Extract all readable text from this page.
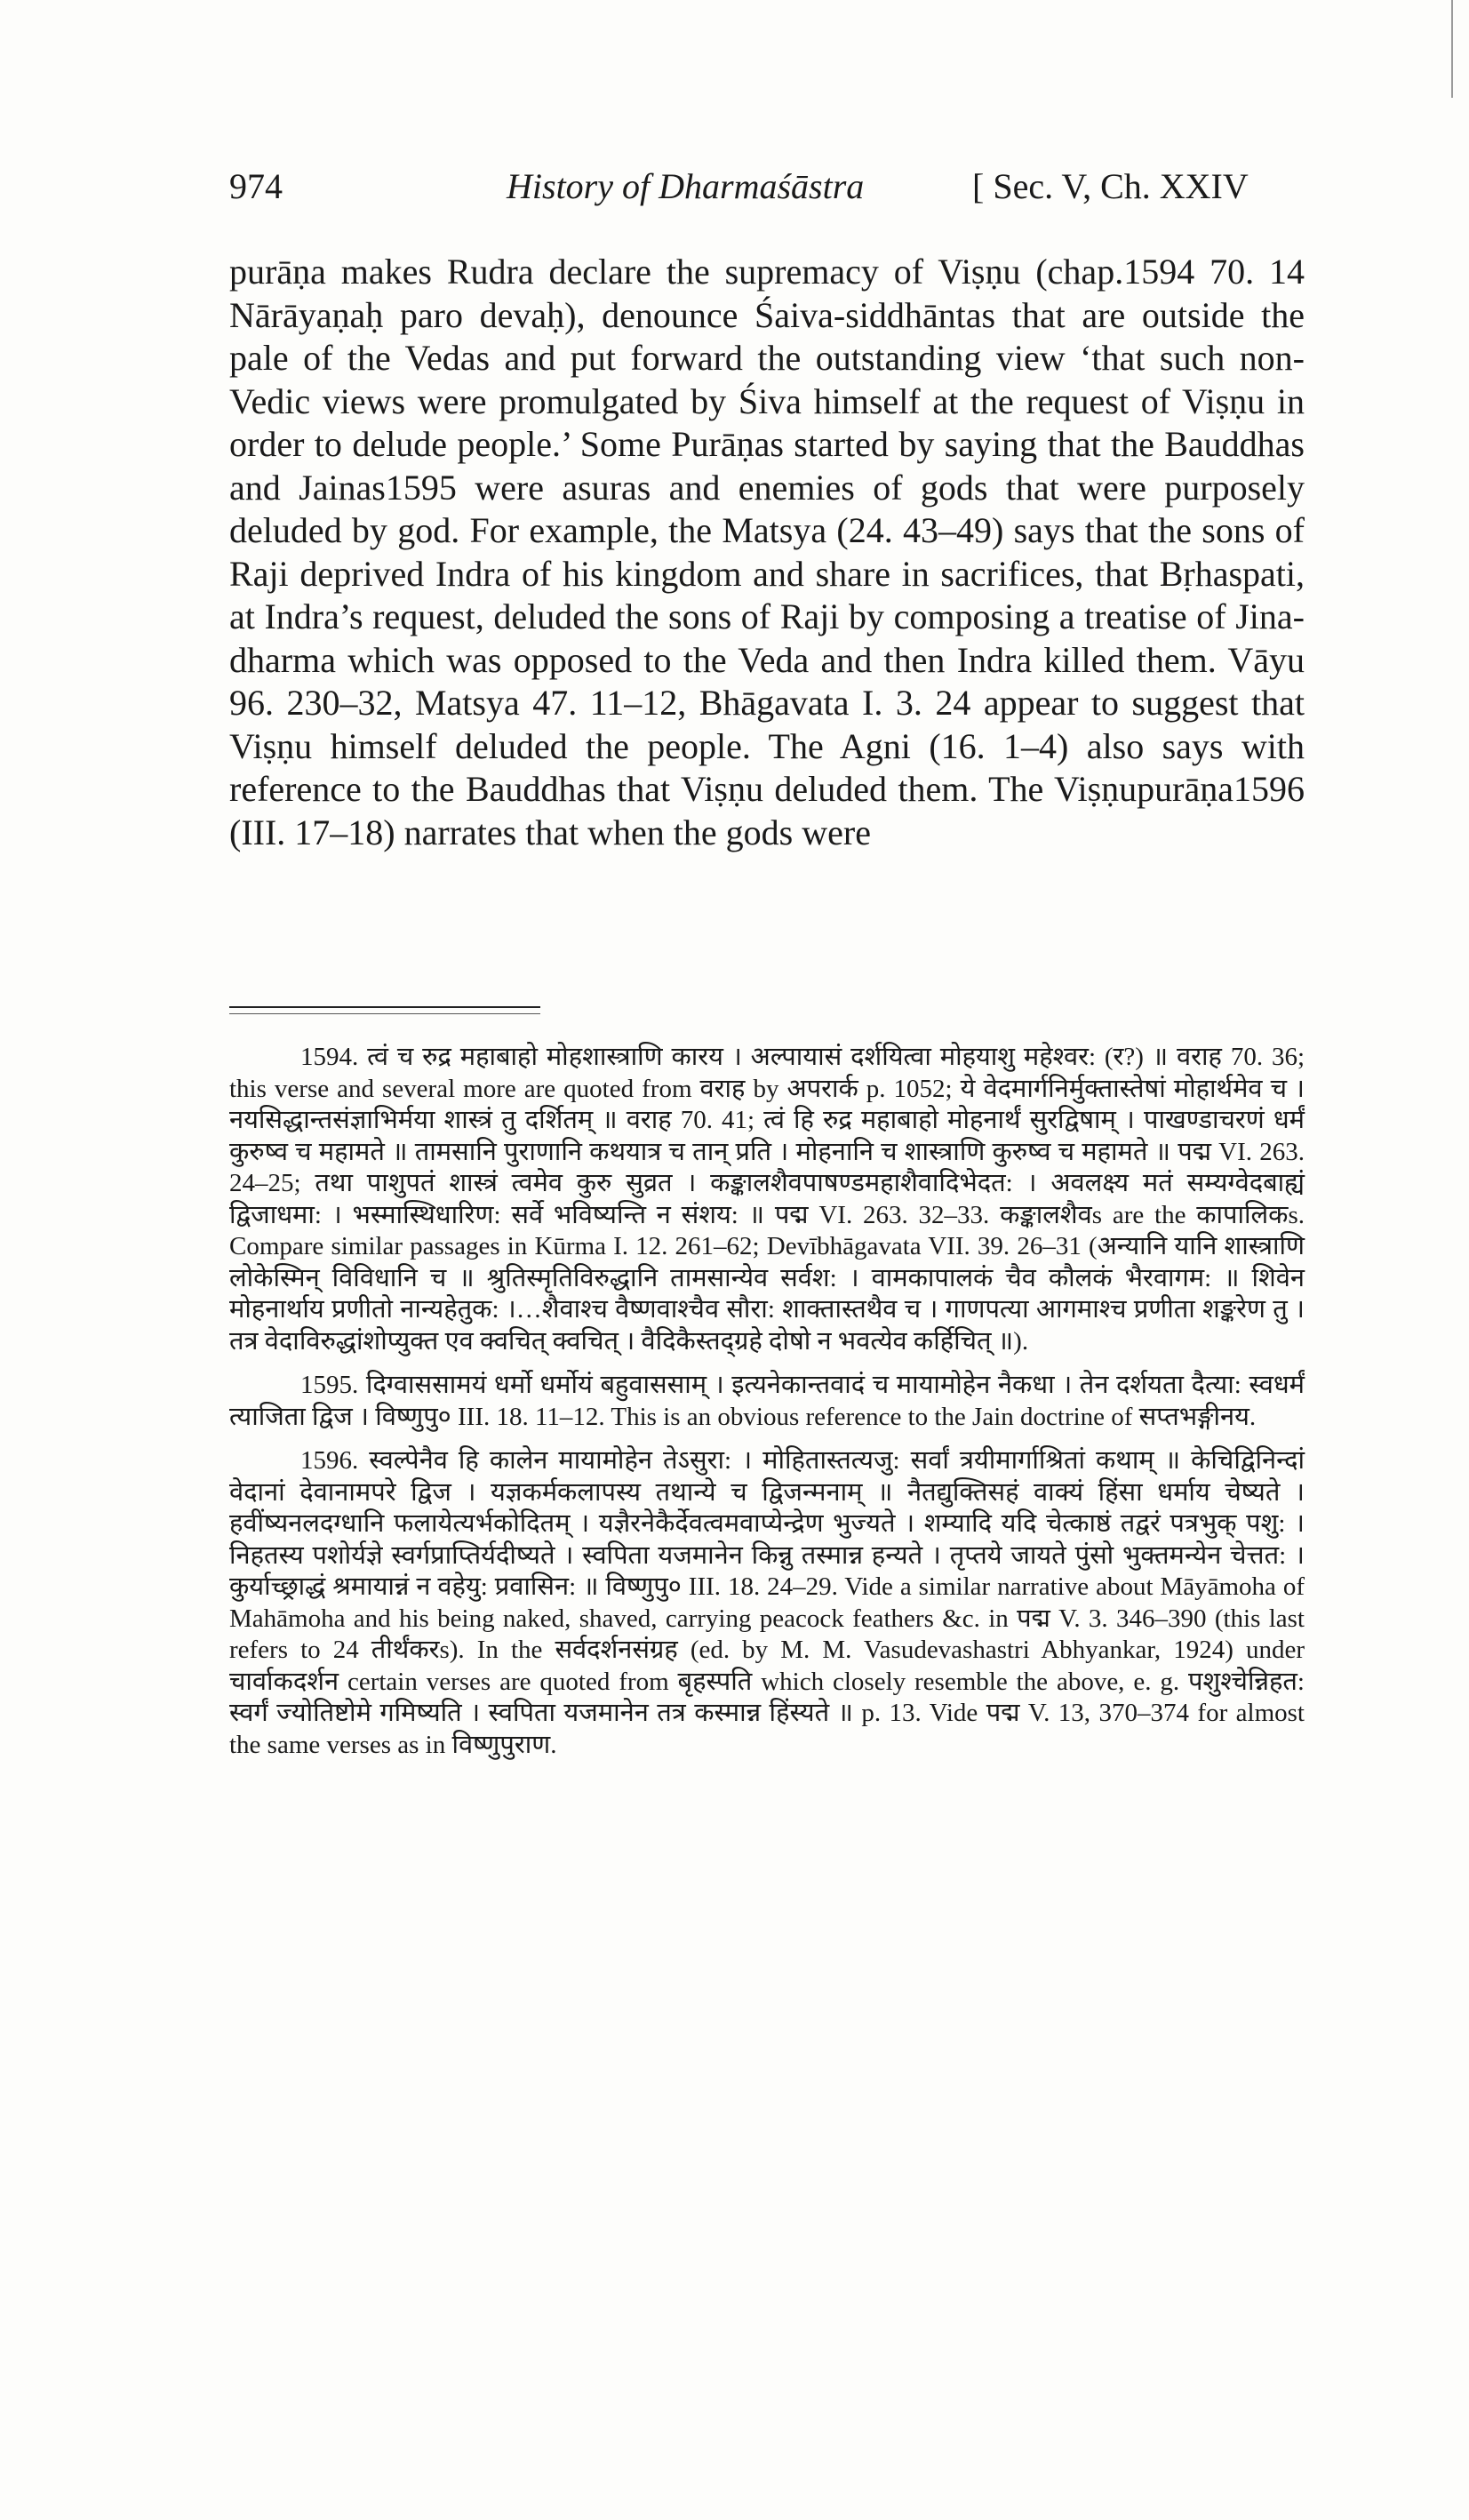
974	History of Dharmaśāstra	[ Sec. V, Ch. XXIV

purāṇa makes Rudra declare the supremacy of Viṣṇu (chap.1594 70. 14 Nārāyaṇaḥ paro devaḥ), denounce Śaiva-siddhāntas that are outside the pale of the Vedas and put forward the outstanding view ‘that such non-Vedic views were promulgated by Śiva himself at the request of Viṣṇu in order to delude people.’ Some Purāṇas started by saying that the Bauddhas and Jainas1595 were asuras and enemies of gods that were purposely deluded by god. For example, the Matsya (24. 43–49) says that the sons of Raji deprived Indra of his kingdom and share in sacrifices, that Bṛhaspati, at Indra’s request, deluded the sons of Raji by composing a treatise of Jina-dharma which was opposed to the Veda and then Indra killed them. Vāyu 96. 230–32, Matsya 47. 11–12, Bhāgavata I. 3. 24 appear to suggest that Viṣṇu himself deluded the people. The Agni (16. 1–4) also says with reference to the Bauddhas that Viṣṇu deluded them. The Viṣṇupurāṇa1596 (III. 17–18) narrates that when the gods were

1594. त्वं च रुद्र महाबाहो मोहशास्त्राणि कारय । अल्पायासं दर्शयित्वा मोहयाशु महेश्वर: (र?) ॥ वराह 70. 36; this verse and several more are quoted from वराह by अपरार्क p. 1052; ये वेदमार्गनिर्मुक्तास्तेषां मोहार्थमेव च । नयसिद्धान्तसंज्ञाभिर्मया शास्त्रं तु दर्शितम् ॥ वराह 70. 41; त्वं हि रुद्र महाबाहो मोहनार्थं सुरद्विषाम् । पाखण्डाचरणं धर्मं कुरुष्व च महामते ॥ तामसानि पुराणानि कथयात्र च तान् प्रति । मोहनानि च शास्त्राणि कुरुष्व च महामते ॥ पद्म VI. 263. 24–25; तथा पाशुपतं शास्त्रं त्वमेव कुरु सुव्रत । कङ्कालशैवपाषण्डमहाशैवादिभेदत: । अवलक्ष्य मतं सम्यग्वेदबाह्यं द्विजाधमा: । भस्मास्थिधारिण: सर्वे भविष्यन्ति न संशय: ॥ पद्म VI. 263. 32–33. कङ्कालशैवs are the कापालिकs. Compare similar passages in Kūrma I. 12. 261–62; Devībhāgavata VII. 39. 26–31 (अन्यानि यानि शास्त्राणि लोकेस्मिन् विविधानि च ॥ श्रुतिस्मृतिविरुद्धानि तामसान्येव सर्वश: । वामकापालकं चैव कौलकं भैरवागम: ॥ शिवेन मोहनार्थाय प्रणीतो नान्यहेतुक: ।…शैवाश्च वैष्णवाश्चैव सौरा: शाक्तास्तथैव च । गाणपत्या आगमाश्च प्रणीता शङ्करेण तु । तत्र वेदाविरुद्धांशोप्युक्त एव क्वचित् क्वचित् । वैदिकैस्तद्ग्रहे दोषो न भवत्येव कर्हिचित् ॥).

1595. दिग्वाससामयं धर्मो धर्मोयं बहुवाससाम् । इत्यनेकान्तवादं च मायामोहेन नैकधा । तेन दर्शयता दैत्या: स्वधर्मं त्याजिता द्विज । विष्णुपु० III. 18. 11–12. This is an obvious reference to the Jain doctrine of सप्तभङ्गीनय.

1596. स्वल्पेनैव हि कालेन मायामोहेन तेऽसुरा: । मोहितास्तत्यजु: सर्वां त्रयीमार्गाश्रितां कथाम् ॥ केचिद्विनिन्दां वेदानां देवानामपरे द्विज । यज्ञकर्मकलापस्य तथान्ये च द्विजन्मनाम् ॥ नैतद्युक्तिसहं वाक्यं हिंसा धर्माय चेष्यते । हवींष्यनलदग्धानि फलायेत्यर्भकोदितम् । यज्ञैरनेकैर्देवत्वमवाप्येन्द्रेण भुज्यते । शम्यादि यदि चेत्काष्ठं तद्वरं पत्रभुक् पशु: । निहतस्य पशोर्यज्ञे स्वर्गप्राप्तिर्यदीष्यते । स्वपिता यजमानेन किन्नु तस्मान्न हन्यते । तृप्तये जायते पुंसो भुक्तमन्येन चेत्तत: । कुर्याच्छ्राद्धं श्रमायान्नं न वहेयु: प्रवासिन: ॥ विष्णुपु० III. 18. 24–29. Vide a similar narrative about Māyāmoha of Mahāmoha and his being naked, shaved, carrying peacock feathers &c. in पद्म V. 3. 346–390 (this last refers to 24 तीर्थंकरs). In the सर्वदर्शनसंग्रह (ed. by M. M. Vasudevashastri Abhyankar, 1924) under चार्वाकदर्शन certain verses are quoted from बृहस्पति which closely resemble the above, e. g. पशुश्चेन्निहत: स्वर्गं ज्योतिष्टोमे गमिष्यति । स्वपिता यजमानेन तत्र कस्मान्न हिंस्यते ॥ p. 13. Vide पद्म V. 13, 370–374 for almost the same verses as in विष्णुपुराण.
